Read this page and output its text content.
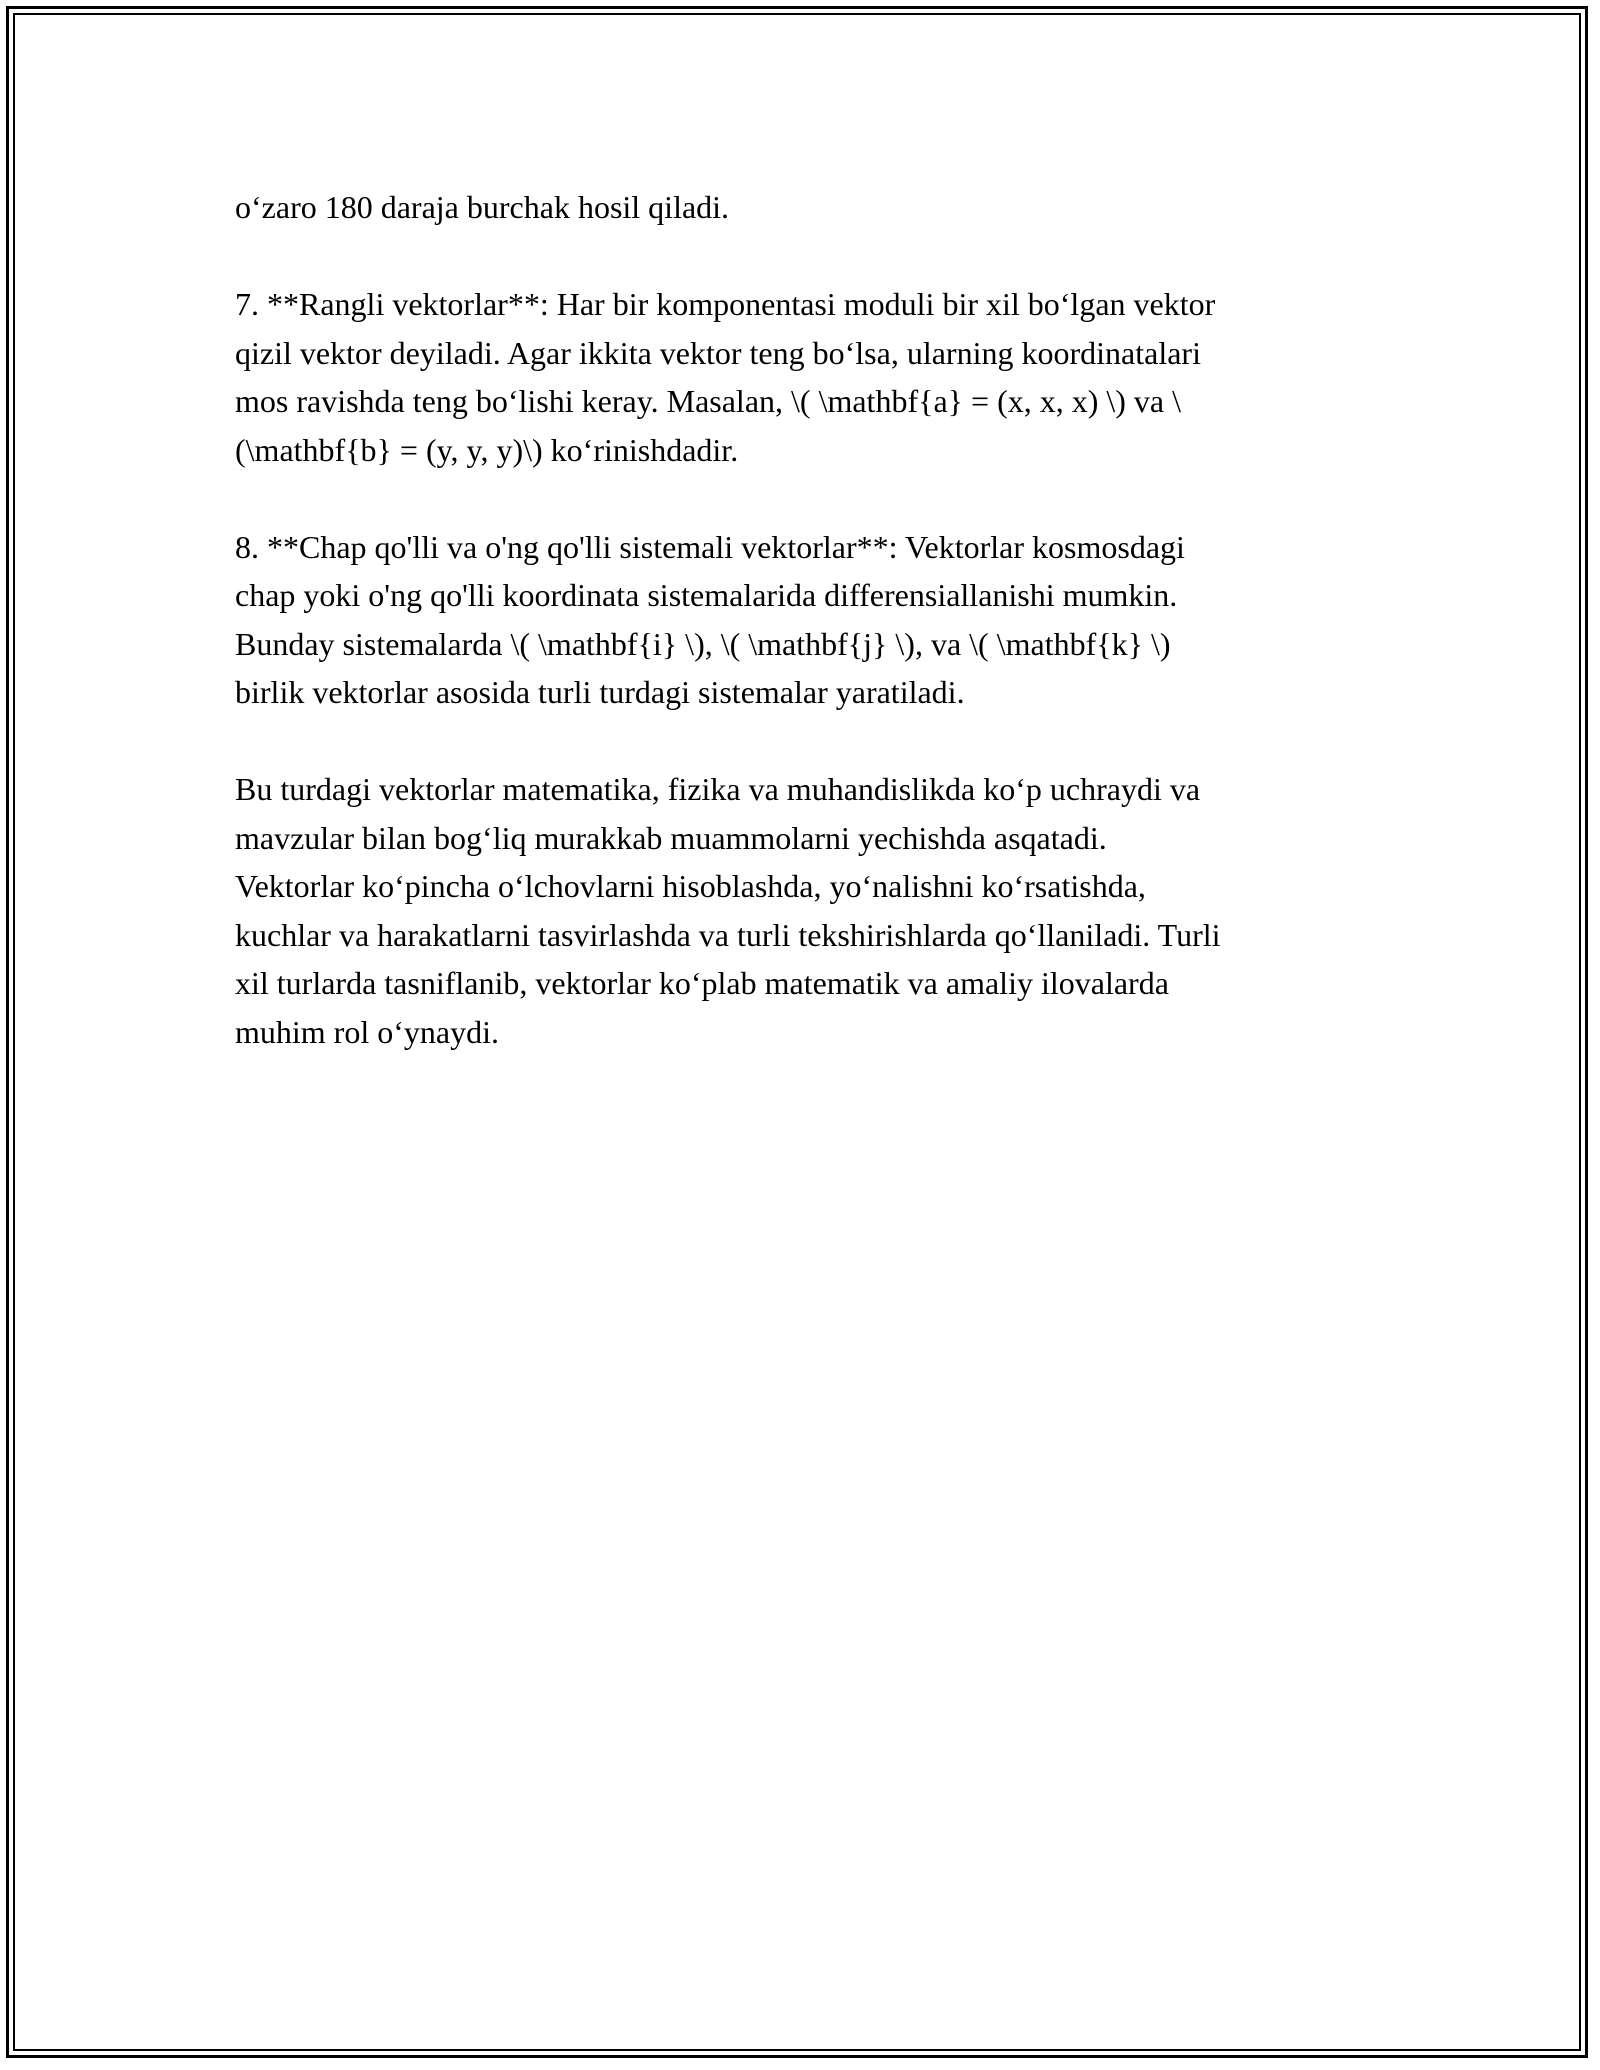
o‘zaro 180 daraja burchak hosil qiladi.

7. **Rangli vektorlar**: Har bir komponentasi moduli bir xil bo‘lgan vektor
qizil vektor deyiladi. Agar ikkita vektor teng bo‘lsa, ularning koordinatalari
mos ravishda teng bo‘lishi keray. Masalan, \( \mathbf{a} = (x, x, x) \) va \
(\mathbf{b} = (y, y, y)\) ko‘rinishdadir.

8. **Chap qo'lli va o'ng qo'lli sistemali vektorlar**: Vektorlar kosmosdagi
chap yoki o'ng qo'lli koordinata sistemalarida differensiallanishi mumkin.
Bunday sistemalarda \( \mathbf{i} \), \( \mathbf{j} \), va \( \mathbf{k} \)
birlik vektorlar asosida turli turdagi sistemalar yaratiladi.

Bu turdagi vektorlar matematika, fizika va muhandislikda ko‘p uchraydi va
mavzular bilan bog‘liq murakkab muammolarni yechishda asqatadi.
Vektorlar ko‘pincha o‘lchovlarni hisoblashda, yo‘nalishni ko‘rsatishda,
kuchlar va harakatlarni tasvirlashda va turli tekshirishlarda qo‘llaniladi. Turli
xil turlarda tasniflanib, vektorlar ko‘plab matematik va amaliy ilovalarda
muhim rol o‘ynaydi.
